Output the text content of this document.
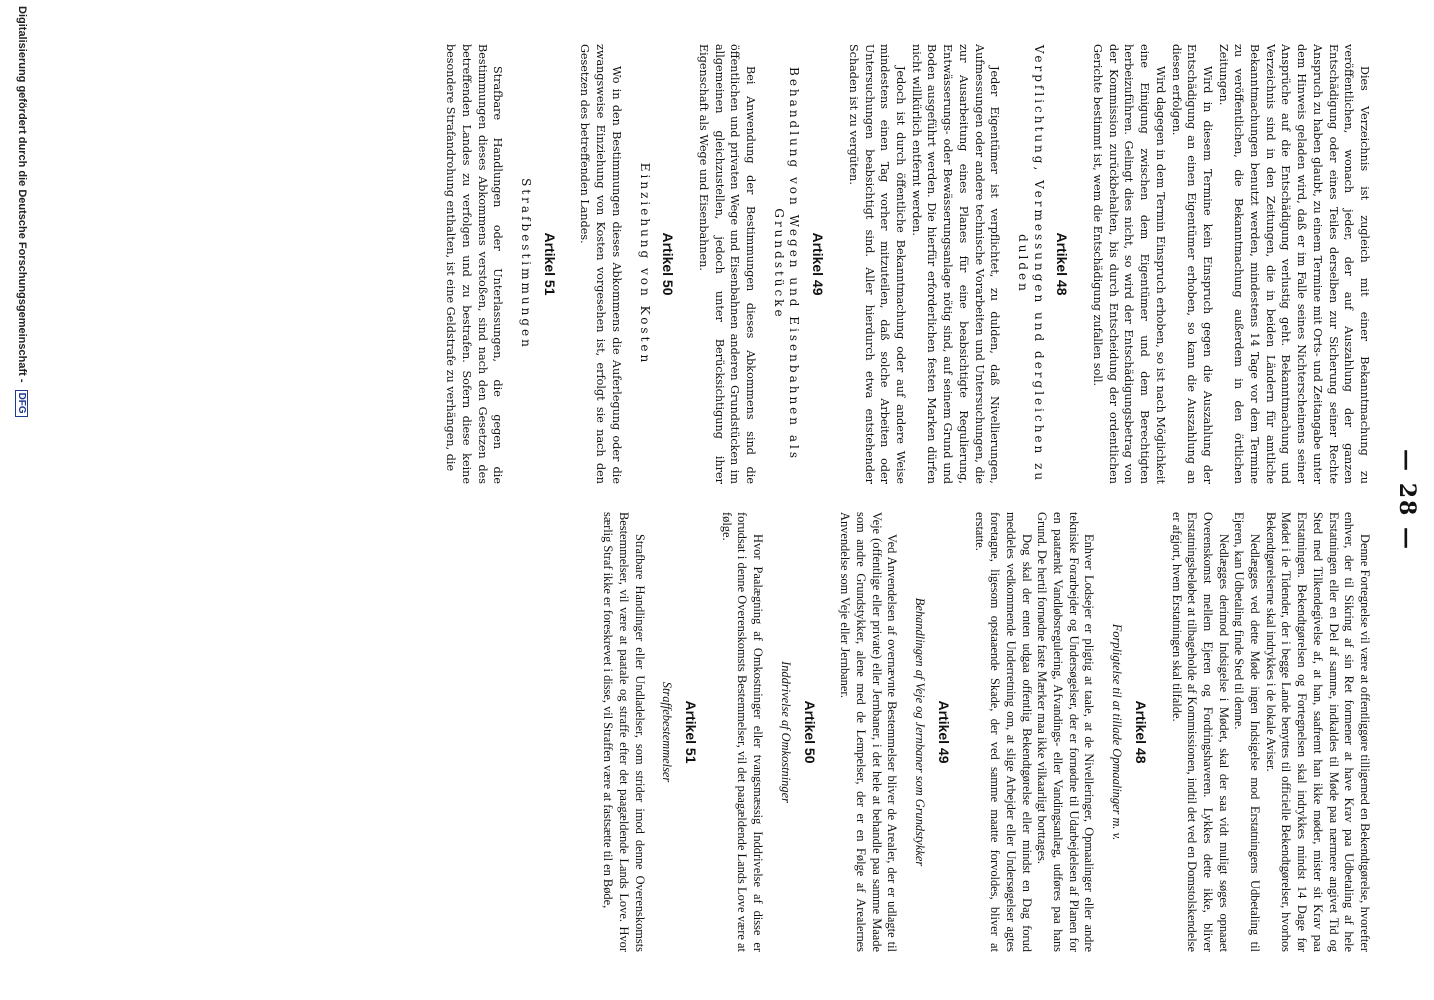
— 28 —

Dies Verzeichnis ist zugleich mit einer Bekanntmachung zu veröffentlichen, wonach jeder, der auf Auszahlung der ganzen Entschädigung oder eines Teiles derselben zur Sicherung seiner Rechte Anspruch zu haben glaubt, zu einem Termine mit Orts- und Zeitangabe unter dem Hinweis geladen wird, daß er im Falle seines Nichterscheinens seiner Ansprüche auf die Entschädigung verlustig geht. Bekanntmachung und Verzeichnis sind in den Zeitungen, die in beiden Ländern für amtliche Bekanntmachungen benutzt werden, mindestens 14 Tage vor dem Termine zu veröffentlichen, die Bekanntmachung außerdem in den örtlichen Zeitungen.

Wird in diesem Termine kein Einspruch gegen die Auszahlung der Entschädigung an einen Eigentümer erhoben, so kann die Auszahlung an diesen erfolgen.

Wird dagegen in dem Termin Einspruch erhoben, so ist nach Möglichkeit eine Einigung zwischen dem Eigentümer und dem Berechtigten herbeizuführen. Gelingt dies nicht, so wird der Entschädigungsbetrag von der Kommission zurückbehalten, bis durch Entscheidung der ordentlichen Gerichte bestimmt ist, wem die Entschädigung zufallen soll.

Artikel 48
Verpflichtung, Vermessungen und dergleichen zu dulden

Jeder Eigentümer ist verpflichtet, zu dulden, daß Nivellierungen, Aufmessungen oder andere technische Vorarbeiten und Untersuchungen, die zur Ausarbeitung eines Planes für eine beabsichtigte Regulierung, Entwässerungs- oder Bewässerungsanlage nötig sind, auf seinem Grund und Boden ausgeführt werden. Die hierfür erforderlichen festen Marken dürfen nicht willkürlich entfernt werden.

Jedoch ist durch öffentliche Bekanntmachung oder auf andere Weise mindestens einen Tag vorher mitzuteilen, daß solche Arbeiten oder Untersuchungen beabsichtigt sind. Aller hierdurch etwa entstehender Schaden ist zu vergüten.

Artikel 49
Behandlung von Wegen und Eisenbahnen als Grundstücke

Bei Anwendung der Bestimmungen dieses Abkommens sind die öffentlichen und privaten Wege und Eisenbahnen anderen Grundstücken im allgemeinen gleichzustellen, jedoch unter Berücksichtigung ihrer Eigenschaft als Wege und Eisenbahnen.

Artikel 50
Einziehung von Kosten

Wo in den Bestimmungen dieses Abkommens die Auferlegung oder die zwangsweise Einziehung von Kosten vorgesehen ist, erfolgt sie nach den Gesetzen des betreffenden Landes.

Artikel 51
Strafbestimmungen

Strafbare Handlungen oder Unterlassungen, die gegen die Bestimmungen dieses Abkommens verstoßen, sind nach den Gesetzen des betreffenden Landes zu verfolgen und zu bestrafen. Sofern diese keine besondere Strafandrohung enthalten, ist eine Geldstrafe zu verhängen, die

Denne Fortegnelse vil være at offentliggøre tilligemed en Bekendtgørelse, hvorefter enhver, der til Sikring af sin Ret formener at have Krav paa Udbetaling af hele Erstatningen eller en Del af samme, indkaldes til Møde paa nærmere angivet Tid og Sted med Tilkendegivelse af, at han, saafremt han ikke møder, mister sit Krav paa Erstatningen. Bekendtgørelsen og Fortegnelsen skal indrykkes mindst 14 Dage før Mødet i de Tidender, der i begge Lande benyttes til officielle Bekendtgørelser, hvorhos Bekendtgørelserne skal indrykkes i de lokale Aviser.

Nedlægges ved dette Møde ingen Indsigelse mod Erstatningens Udbetaling til Ejeren, kan Udbetaling finde Sted til denne.

Nedlægges derimod Indsigelse i Mødet, skal der saa vidt muligt søges opnaaet Overenskomst mellem Ejeren og Fordringshaveren. Lykkes dette ikke, bliver Erstatningsbeløbet at tilbageholde af Kommissionen, indtil det ved en Domstolskendelse er afgjort, hvem Erstatningen skal tilfalde.

Artikel 48
Forpligtelse til at tillade Opmaalinger m. v.

Enhver Lodsejer er pligtig at taale, at de Nivelleringer, Opmaalinger eller andre tekniske Forarbejder og Undersøgelser, der er fornødne til Udarbejdelsen af Planen for en paatænkt Vandløbsregulering, Afvandings- eller Vandingsanlæg, udføres paa hans Grund. De hertil fornødne faste Mærker maa ikke vilkaarligt borttages.

Dog skal der enten udgaa offentlig Bekendtgørelse eller mindst en Dag forud meddeles vedkommende Underretning om, at slige Arbejder eller Undersøgelser agtes foretagne, ligesom opstaaende Skade, der ved samme maatte forvoldes, bliver at erstatte.

Artikel 49
Behandlingen af Veje og Jernbaner som Grundstykker

Ved Anvendelsen af overnævnte Bestemmelser bliver de Arealer, der er udlagte til Veje (offentlige eller private) eller Jernbaner, i det hele at behandle paa samme Maade som andre Grundstykker, alene med de Lempelser, der er en Følge af Arealernes Anvendelse som Veje eller Jernbaner.

Artikel 50
Inddrivelse af Omkostninger

Hvor Paalægning af Omkostninger eller tvangsmæssig Inddrivelse af disse er forudsat i denne Overenskomsts Bestemmelser, vil det paagældende Lands Love være at følge.

Artikel 51
Straffebestemmelser

Strafbare Handlinger eller Undladelser, som strider imod denne Overenskomsts Bestemmelser, vil være at paatale og straffe efter det paagældende Lands Love. Hvor særlig Straf ikke er foreskrevet i disse, vil Straffen være at fastsætte til en Bøde,

Digitalisierung gefördert durch die Deutsche Forschungsgemeinschaft - DFG
